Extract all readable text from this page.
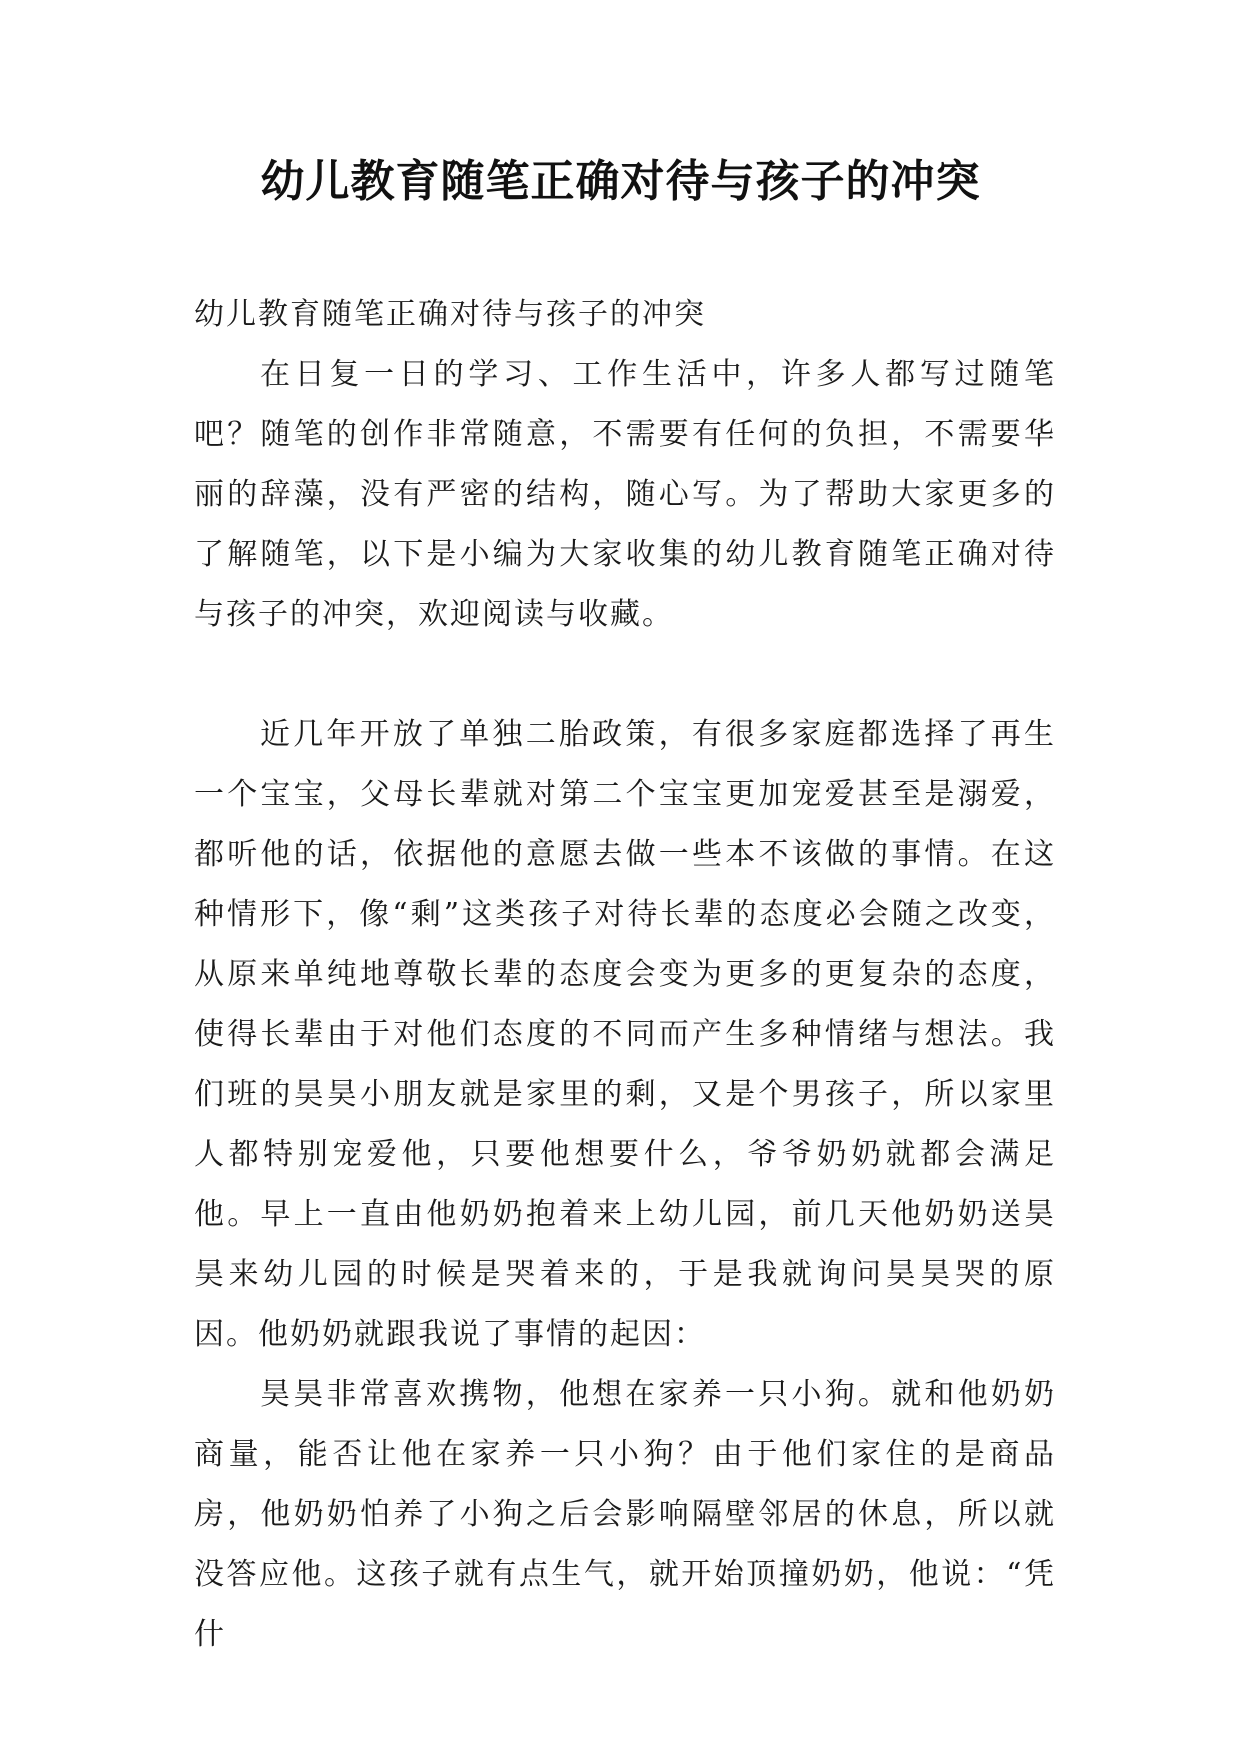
幼儿教育随笔正确对待与孩子的冲突

幼儿教育随笔正确对待与孩子的冲突

在日复一日的学习、工作生活中，许多人都写过随笔吧？随笔的创作非常随意，不需要有任何的负担，不需要华丽的辞藻，没有严密的结构，随心写。为了帮助大家更多的了解随笔，以下是小编为大家收集的幼儿教育随笔正确对待与孩子的冲突，欢迎阅读与收藏。

近几年开放了单独二胎政策，有很多家庭都选择了再生一个宝宝，父母长辈就对第二个宝宝更加宠爱甚至是溺爱，都听他的话，依据他的意愿去做一些本不该做的事情。在这种情形下，像“剩”这类孩子对待长辈的态度必会随之改变，从原来单纯地尊敬长辈的态度会变为更多的更复杂的态度，使得长辈由于对他们态度的不同而产生多种情绪与想法。我们班的昊昊小朋友就是家里的剩，又是个男孩子，所以家里人都特别宠爱他，只要他想要什么，爷爷奶奶就都会满足他。早上一直由他奶奶抱着来上幼儿园，前几天他奶奶送昊昊来幼儿园的时候是哭着来的，于是我就询问昊昊哭的原因。他奶奶就跟我说了事情的起因：

昊昊非常喜欢携物，他想在家养一只小狗。就和他奶奶商量，能否让他在家养一只小狗？由于他们家住的是商品房，他奶奶怕养了小狗之后会影响隔壁邻居的休息，所以就没答应他。这孩子就有点生气，就开始顶撞奶奶，他说：“凭什
